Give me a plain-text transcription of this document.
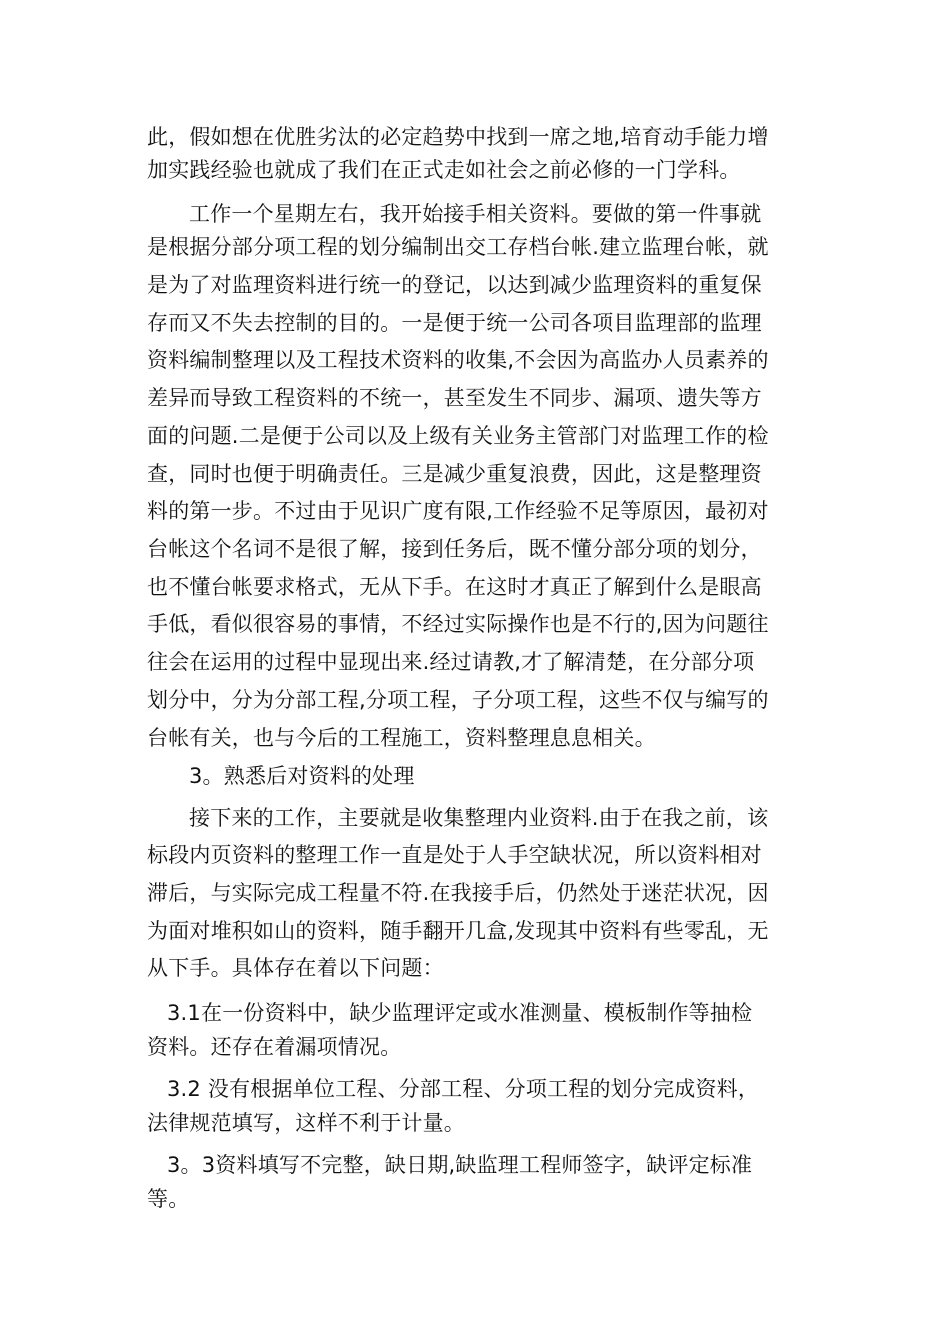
此，假如想在优胜劣汰的必定趋势中找到一席之地,培育动手能力增
加实践经验也就成了我们在正式走如社会之前必修的一门学科。
工作一个星期左右，我开始接手相关资料。要做的第一件事就
是根据分部分项工程的划分编制出交工存档台帐.建立监理台帐，就
是为了对监理资料进行统一的登记，以达到减少监理资料的重复保
存而又不失去控制的目的。一是便于统一公司各项目监理部的监理
资料编制整理以及工程技术资料的收集,不会因为高监办人员素养的
差异而导致工程资料的不统一，甚至发生不同步、漏项、遗失等方
面的问题.二是便于公司以及上级有关业务主管部门对监理工作的检
查，同时也便于明确责任。三是减少重复浪费，因此，这是整理资
料的第一步。不过由于见识广度有限,工作经验不足等原因，最初对
台帐这个名词不是很了解，接到任务后，既不懂分部分项的划分，
也不懂台帐要求格式，无从下手。在这时才真正了解到什么是眼高
手低，看似很容易的事情，不经过实际操作也是不行的,因为问题往
往会在运用的过程中显现出来.经过请教,才了解清楚，在分部分项
划分中，分为分部工程,分项工程，子分项工程，这些不仅与编写的
台帐有关，也与今后的工程施工，资料整理息息相关。
3。熟悉后对资料的处理
接下来的工作，主要就是收集整理内业资料.由于在我之前，该
标段内页资料的整理工作一直是处于人手空缺状况，所以资料相对
滞后，与实际完成工程量不符.在我接手后，仍然处于迷茫状况，因
为面对堆积如山的资料，随手翻开几盒,发现其中资料有些零乱，无
从下手。具体存在着以下问题：
3.1在一份资料中，缺少监理评定或水准测量、模板制作等抽检
资料。还存在着漏项情况。
3.2 没有根据单位工程、分部工程、分项工程的划分完成资料，
法律规范填写，这样不利于计量。
3。3资料填写不完整，缺日期,缺监理工程师签字，缺评定标准
等。
